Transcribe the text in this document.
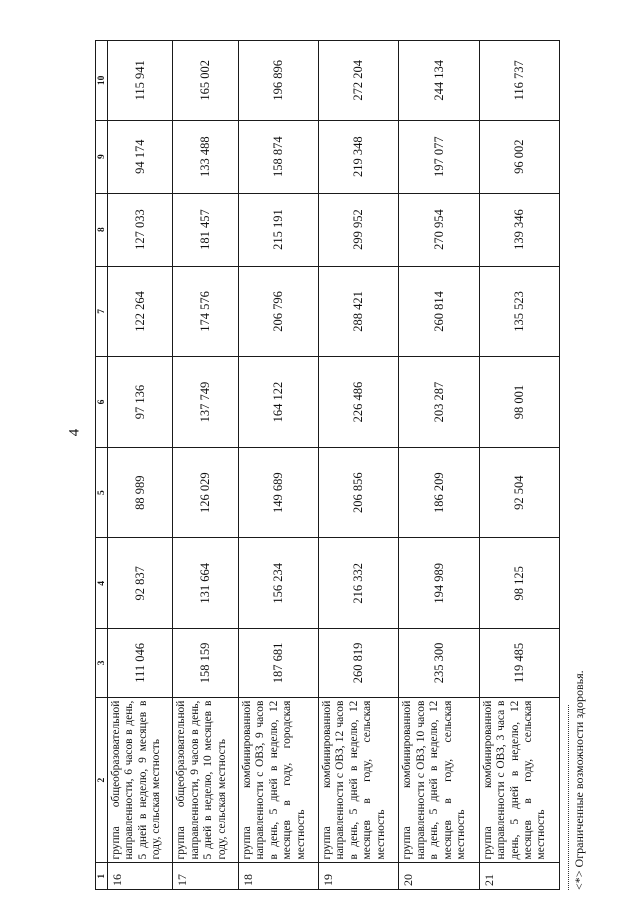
4
1	2	3	4	5	6	7	8	9	10
16	группа общеобразовательной направленности, 6 часов в день, 5 дней в неделю, 9 месяцев в году, сельская местность	111 046	92 837	88 989	97 136	122 264	127 033	94 174	115 941
17	группа общеобразовательной направленности, 9 часов в день, 5 дней в неделю, 10 месяцев в году, сельская местность	158 159	131 664	126 029	137 749	174 576	181 457	133 488	165 002
18	группа комбинированной направленности с ОВЗ, 9 часов в день, 5 дней в неделю, 12 месяцев в году, городская местность	187 681	156 234	149 689	164 122	206 796	215 191	158 874	196 896
19	группа комбинированной направленности с ОВЗ, 12 часов в день, 5 дней в неделю, 12 месяцев в году, сельская местность	260 819	216 332	206 856	226 486	288 421	299 952	219 348	272 204
20	группа комбинированной направленности с ОВЗ, 10 часов в день, 5 дней в неделю, 12 месяцев в году, сельская местность	235 300	194 989	186 209	203 287	260 814	270 954	197 077	244 134
21	группа комбинированной направленности с ОВЗ, 3 часа в день, 5 дней в неделю, 12 месяцев в году, сельская местность	119 485	98 125	92 504	98 001	135 523	139 346	96 002	116 737
<*> Ограниченные возможности здоровья.
